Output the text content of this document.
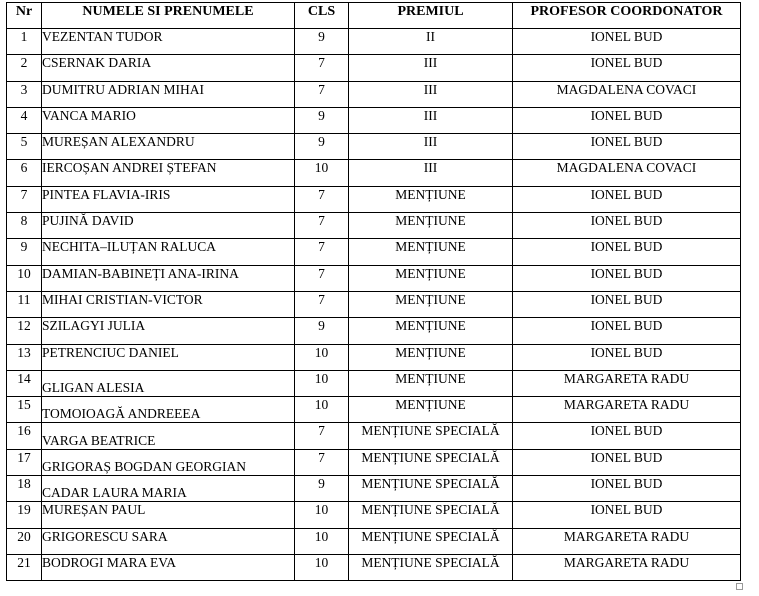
Nr	NUMELE SI PRENUMELE	CLS	PREMIUL	PROFESOR COORDONATOR
1	VEZENTAN TUDOR	9	II	IONEL BUD
2	CSERNAK DARIA	7	III	IONEL BUD
3	DUMITRU ADRIAN MIHAI	7	III	MAGDALENA COVACI
4	VANCA MARIO	9	III	IONEL BUD
5	MUREȘAN ALEXANDRU	9	III	IONEL BUD
6	IERCOȘAN ANDREI ȘTEFAN	10	III	MAGDALENA COVACI
7	PINTEA FLAVIA-IRIS	7	MENȚIUNE	IONEL BUD
8	PUJINĂ DAVID	7	MENȚIUNE	IONEL BUD
9	NECHITA–ILUȚAN RALUCA	7	MENȚIUNE	IONEL BUD
10	DAMIAN-BABINEȚI ANA-IRINA	7	MENȚIUNE	IONEL BUD
11	MIHAI CRISTIAN-VICTOR	7	MENȚIUNE	IONEL BUD
12	SZILAGYI JULIA	9	MENȚIUNE	IONEL BUD
13	PETRENCIUC DANIEL	10	MENȚIUNE	IONEL BUD
14	GLIGAN ALESIA	10	MENȚIUNE	MARGARETA RADU
15	TOMOIOAGĂ ANDREEEA	10	MENȚIUNE	MARGARETA RADU
16	VARGA BEATRICE	7	MENȚIUNE SPECIALĂ	IONEL BUD
17	GRIGORAȘ BOGDAN GEORGIAN	7	MENȚIUNE SPECIALĂ	IONEL BUD
18	CADAR LAURA MARIA	9	MENȚIUNE SPECIALĂ	IONEL BUD
19	MUREȘAN PAUL	10	MENȚIUNE SPECIALĂ	IONEL BUD
20	GRIGORESCU SARA	10	MENȚIUNE SPECIALĂ	MARGARETA RADU
21	BODROGI MARA EVA	10	MENȚIUNE SPECIALĂ	MARGARETA RADU
